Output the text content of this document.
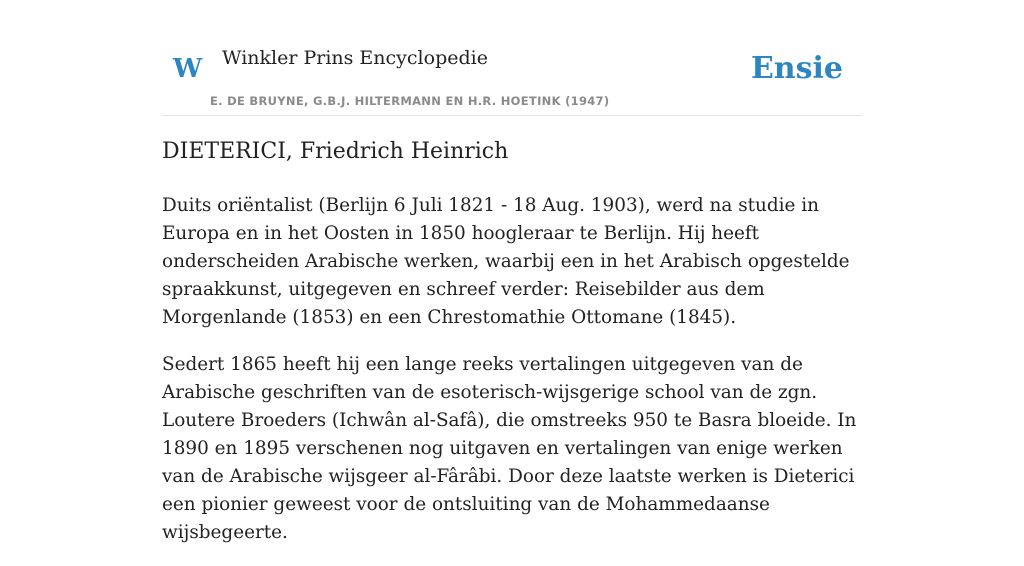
W Winkler Prins Encyclopedie
E. DE BRUYNE, G.B.J. HILTERMANN EN H.R. HOETINK (1947)
Ensie
DIETERICI, Friedrich Heinrich

Duits oriëntalist (Berlijn 6 Juli 1821 - 18 Aug. 1903), werd na studie in Europa en in het Oosten in 1850 hoogleraar te Berlijn. Hij heeft onderscheiden Arabische werken, waarbij een in het Arabisch opgestelde spraakkunst, uitgegeven en schreef verder: Reisebilder aus dem Morgenlande (1853) en een Chrestomathie Ottomane (1845).

Sedert 1865 heeft hij een lange reeks vertalingen uitgegeven van de Arabische geschriften van de esoterisch-wijsgerige school van de zgn. Loutere Broeders (Ichwân al-Safâ), die omstreeks 950 te Basra bloeide. In 1890 en 1895 verschenen nog uitgaven en vertalingen van enige werken van de Arabische wijsgeer al-Fârâbi. Door deze laatste werken is Dieterici een pionier geweest voor de ontsluiting van de Mohammedaanse wijsbegeerte.
